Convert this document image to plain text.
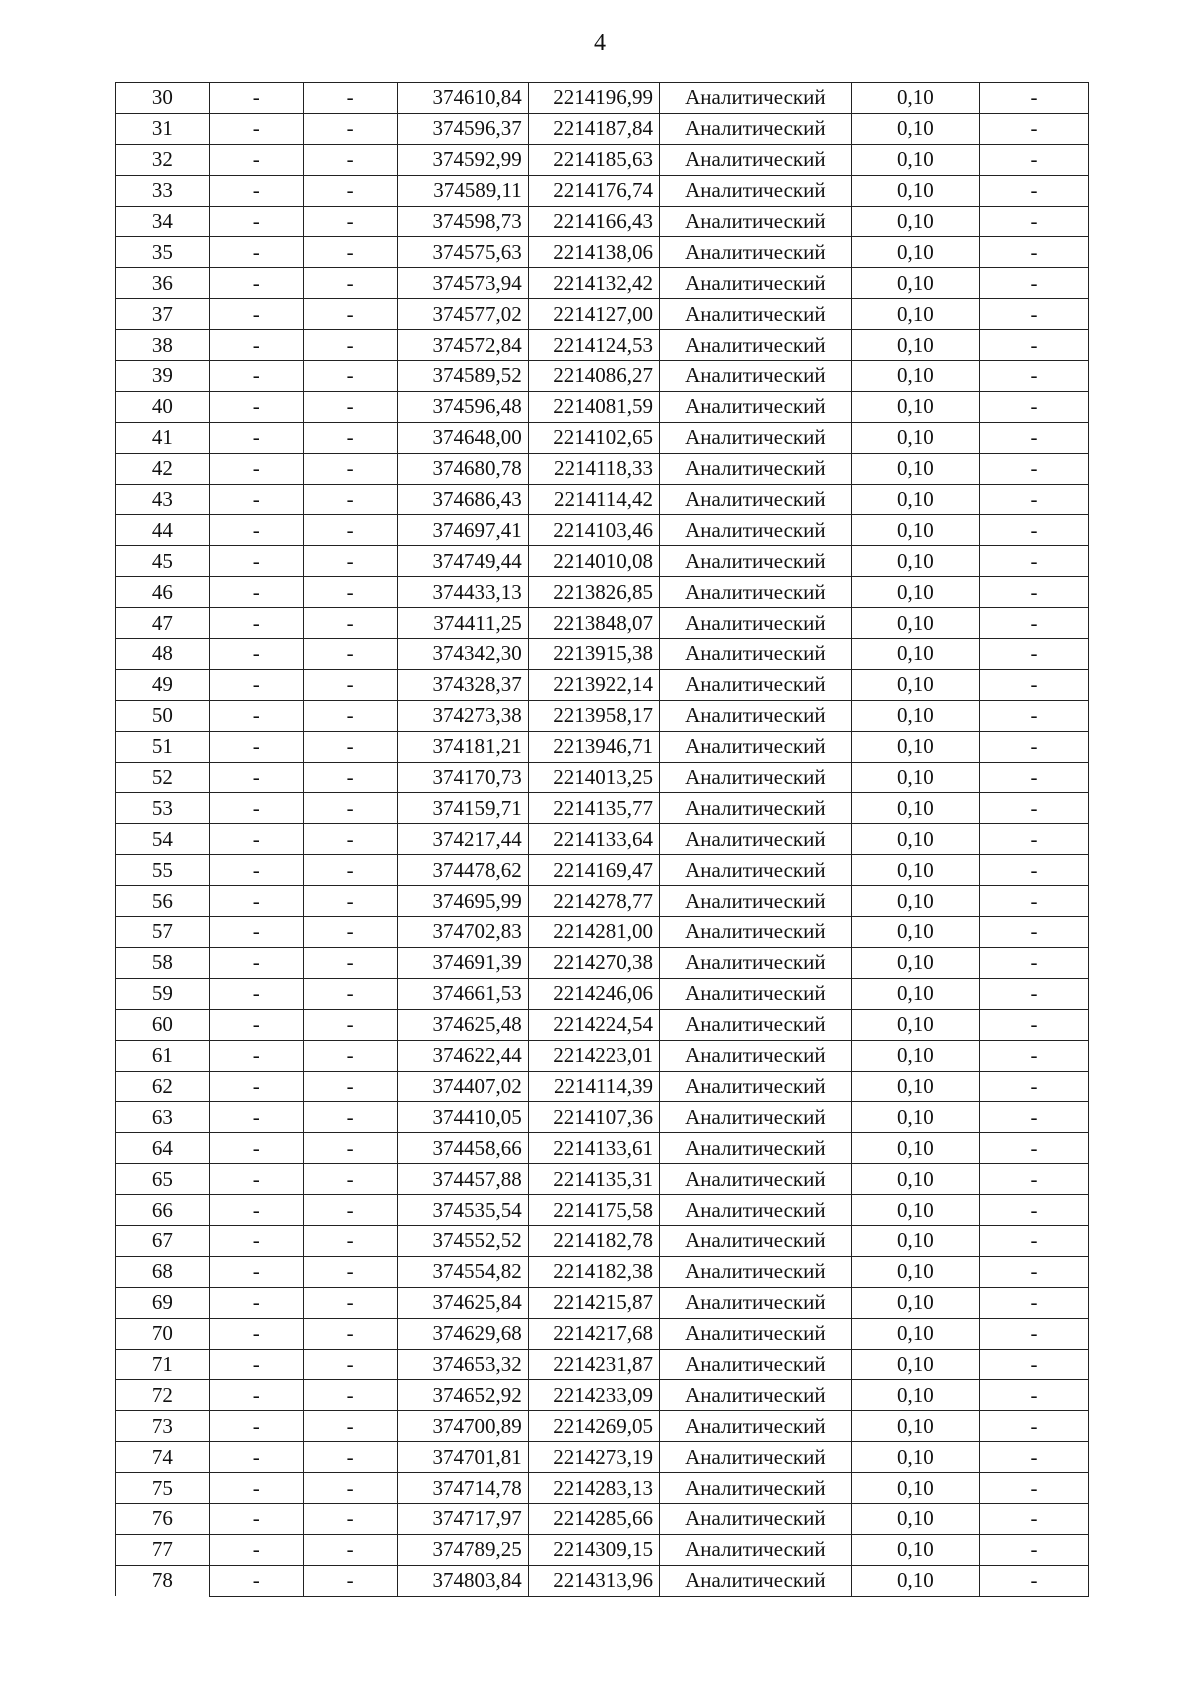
4
30	-	-	374610,84	2214196,99	Аналитический	0,10	-
31	-	-	374596,37	2214187,84	Аналитический	0,10	-
32	-	-	374592,99	2214185,63	Аналитический	0,10	-
33	-	-	374589,11	2214176,74	Аналитический	0,10	-
34	-	-	374598,73	2214166,43	Аналитический	0,10	-
35	-	-	374575,63	2214138,06	Аналитический	0,10	-
36	-	-	374573,94	2214132,42	Аналитический	0,10	-
37	-	-	374577,02	2214127,00	Аналитический	0,10	-
38	-	-	374572,84	2214124,53	Аналитический	0,10	-
39	-	-	374589,52	2214086,27	Аналитический	0,10	-
40	-	-	374596,48	2214081,59	Аналитический	0,10	-
41	-	-	374648,00	2214102,65	Аналитический	0,10	-
42	-	-	374680,78	2214118,33	Аналитический	0,10	-
43	-	-	374686,43	2214114,42	Аналитический	0,10	-
44	-	-	374697,41	2214103,46	Аналитический	0,10	-
45	-	-	374749,44	2214010,08	Аналитический	0,10	-
46	-	-	374433,13	2213826,85	Аналитический	0,10	-
47	-	-	374411,25	2213848,07	Аналитический	0,10	-
48	-	-	374342,30	2213915,38	Аналитический	0,10	-
49	-	-	374328,37	2213922,14	Аналитический	0,10	-
50	-	-	374273,38	2213958,17	Аналитический	0,10	-
51	-	-	374181,21	2213946,71	Аналитический	0,10	-
52	-	-	374170,73	2214013,25	Аналитический	0,10	-
53	-	-	374159,71	2214135,77	Аналитический	0,10	-
54	-	-	374217,44	2214133,64	Аналитический	0,10	-
55	-	-	374478,62	2214169,47	Аналитический	0,10	-
56	-	-	374695,99	2214278,77	Аналитический	0,10	-
57	-	-	374702,83	2214281,00	Аналитический	0,10	-
58	-	-	374691,39	2214270,38	Аналитический	0,10	-
59	-	-	374661,53	2214246,06	Аналитический	0,10	-
60	-	-	374625,48	2214224,54	Аналитический	0,10	-
61	-	-	374622,44	2214223,01	Аналитический	0,10	-
62	-	-	374407,02	2214114,39	Аналитический	0,10	-
63	-	-	374410,05	2214107,36	Аналитический	0,10	-
64	-	-	374458,66	2214133,61	Аналитический	0,10	-
65	-	-	374457,88	2214135,31	Аналитический	0,10	-
66	-	-	374535,54	2214175,58	Аналитический	0,10	-
67	-	-	374552,52	2214182,78	Аналитический	0,10	-
68	-	-	374554,82	2214182,38	Аналитический	0,10	-
69	-	-	374625,84	2214215,87	Аналитический	0,10	-
70	-	-	374629,68	2214217,68	Аналитический	0,10	-
71	-	-	374653,32	2214231,87	Аналитический	0,10	-
72	-	-	374652,92	2214233,09	Аналитический	0,10	-
73	-	-	374700,89	2214269,05	Аналитический	0,10	-
74	-	-	374701,81	2214273,19	Аналитический	0,10	-
75	-	-	374714,78	2214283,13	Аналитический	0,10	-
76	-	-	374717,97	2214285,66	Аналитический	0,10	-
77	-	-	374789,25	2214309,15	Аналитический	0,10	-
78	-	-	374803,84	2214313,96	Аналитический	0,10	-
